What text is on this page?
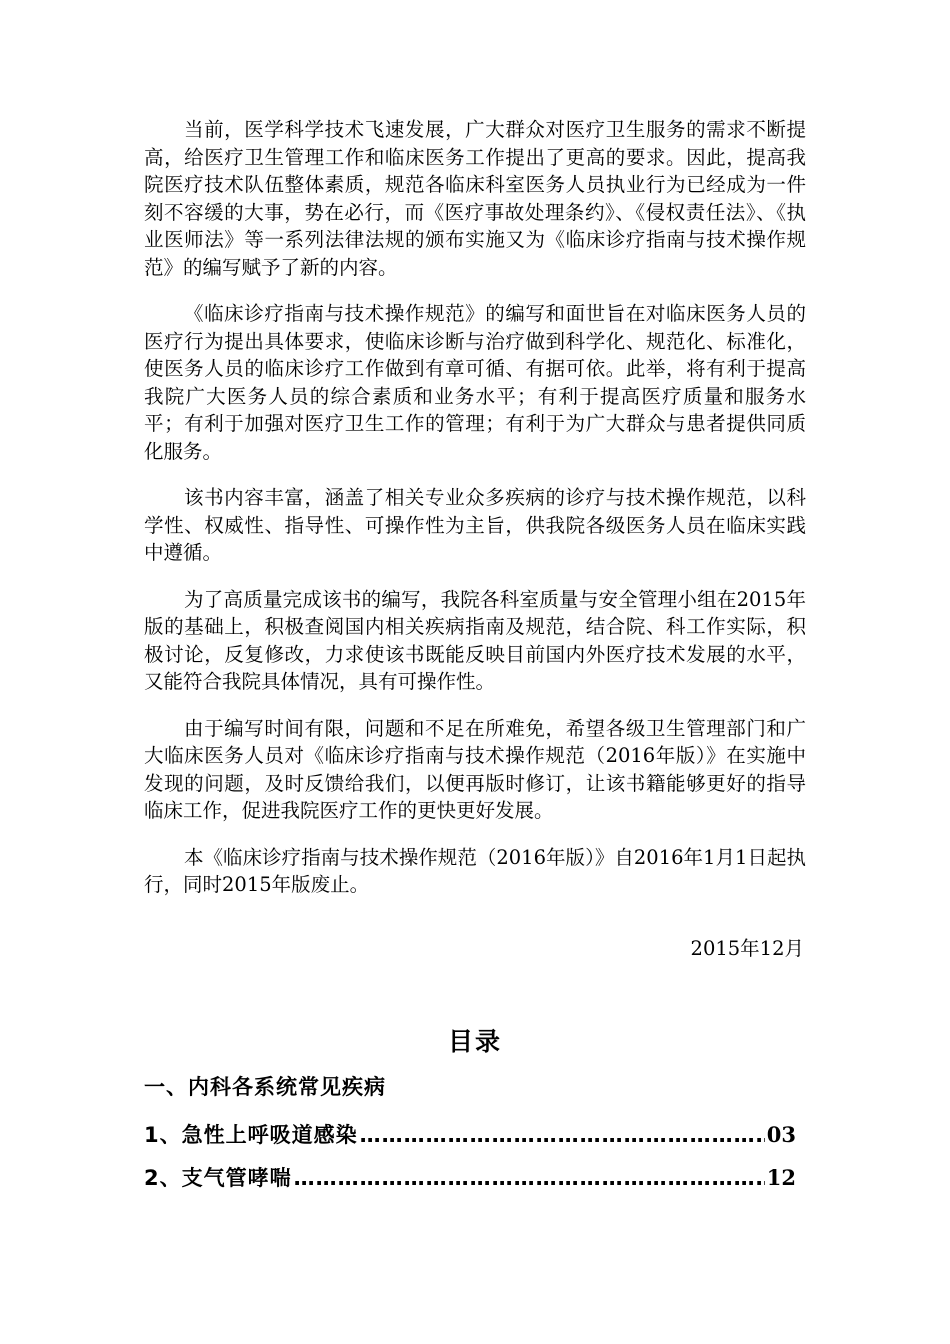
当前，医学科学技术飞速发展，广大群众对医疗卫生服务的需求不断提高，给医疗卫生管理工作和临床医务工作提出了更高的要求。因此，提高我院医疗技术队伍整体素质，规范各临床科室医务人员执业行为已经成为一件刻不容缓的大事，势在必行，而《医疗事故处理条约》、《侵权责任法》、《执业医师法》等一系列法律法规的颁布实施又为《临床诊疗指南与技术操作规范》的编写赋予了新的内容。

《临床诊疗指南与技术操作规范》的编写和面世旨在对临床医务人员的医疗行为提出具体要求，使临床诊断与治疗做到科学化、规范化、标准化，使医务人员的临床诊疗工作做到有章可循、有据可依。此举，将有利于提高我院广大医务人员的综合素质和业务水平；有利于提高医疗质量和服务水平；有利于加强对医疗卫生工作的管理；有利于为广大群众与患者提供同质化服务。

该书内容丰富，涵盖了相关专业众多疾病的诊疗与技术操作规范，以科学性、权威性、指导性、可操作性为主旨，供我院各级医务人员在临床实践中遵循。

为了高质量完成该书的编写，我院各科室质量与安全管理小组在2015年版的基础上，积极查阅国内相关疾病指南及规范，结合院、科工作实际，积极讨论，反复修改，力求使该书既能反映目前国内外医疗技术发展的水平，又能符合我院具体情况，具有可操作性。

由于编写时间有限，问题和不足在所难免，希望各级卫生管理部门和广大临床医务人员对《临床诊疗指南与技术操作规范（2016年版）》在实施中发现的问题，及时反馈给我们，以便再版时修订，让该书籍能够更好的指导临床工作，促进我院医疗工作的更快更好发展。

本《临床诊疗指南与技术操作规范（2016年版）》自2016年1月1日起执行，同时2015年版废止。

2015年12月
目录
一、内科各系统常见疾病
1、急性上呼吸道感染 ………………………………………………………………………………………………………………………	03
2、支气管哮喘 ………………………………………………………………………………………………………………………	12
